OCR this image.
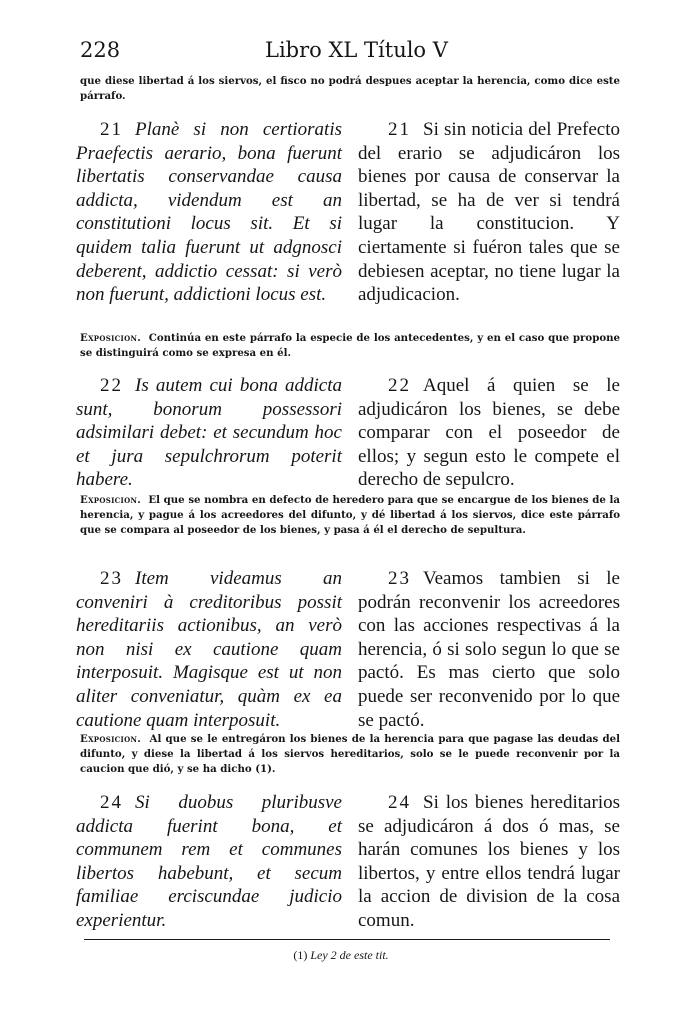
228	Libro XL Título V

que diese libertad á los siervos, el fisco no podrá despues aceptar la herencia, como dice este párrafo.

21 Planè si non certioratis Praefectis aerario, bona fuerunt libertatis conservandae causa addicta, videndum est an constitutioni locus sit. Et si quidem talia fuerunt ut adgnosci deberent, addictio cessat: si verò non fuerunt, addictioni locus est.

21 Si sin noticia del Prefecto del erario se adjudicáron los bienes por causa de conservar la libertad, se ha de ver si tendrá lugar la constitucion. Y ciertamente si fuéron tales que se debiesen aceptar, no tiene lugar la adjudicacion.

Exposicion. Continúa en este párrafo la especie de los antecedentes, y en el caso que propone se distinguirá como se expresa en él.

22 Is autem cui bona addicta sunt, bonorum possessori adsimilari debet: et secundum hoc et jura sepulchrorum poterit habere.

22 Aquel á quien se le adjudicáron los bienes, se debe comparar con el poseedor de ellos; y segun esto le compete el derecho de sepulcro.

Exposicion. El que se nombra en defecto de heredero para que se encargue de los bienes de la herencia, y pague á los acreedores del difunto, y dé libertad á los siervos, dice este párrafo que se compara al poseedor de los bienes, y pasa á él el derecho de sepultura.

23 Item videamus an conveniri à creditoribus possit hereditariis actionibus, an verò non nisi ex cautione quam interposuit. Magisque est ut non aliter conveniatur, quàm ex ea cautione quam interposuit.

23 Veamos tambien si le podrán reconvenir los acreedores con las acciones respectivas á la herencia, ó si solo segun lo que se pactó. Es mas cierto que solo puede ser reconvenido por lo que se pactó.

Exposicion. Al que se le entregáron los bienes de la herencia para que pagase las deudas del difunto, y diese la libertad á los siervos hereditarios, solo se le puede reconvenir por la caucion que dió, y se ha dicho (1).

24 Si duobus pluribusve addicta fuerint bona, et communem rem et communes libertos habebunt, et secum familiae erciscundae judicio experientur.

24 Si los bienes hereditarios se adjudicáron á dos ó mas, se harán comunes los bienes y los libertos, y entre ellos tendrá lugar la accion de division de la cosa comun.

(1) Ley 2 de este tit.
